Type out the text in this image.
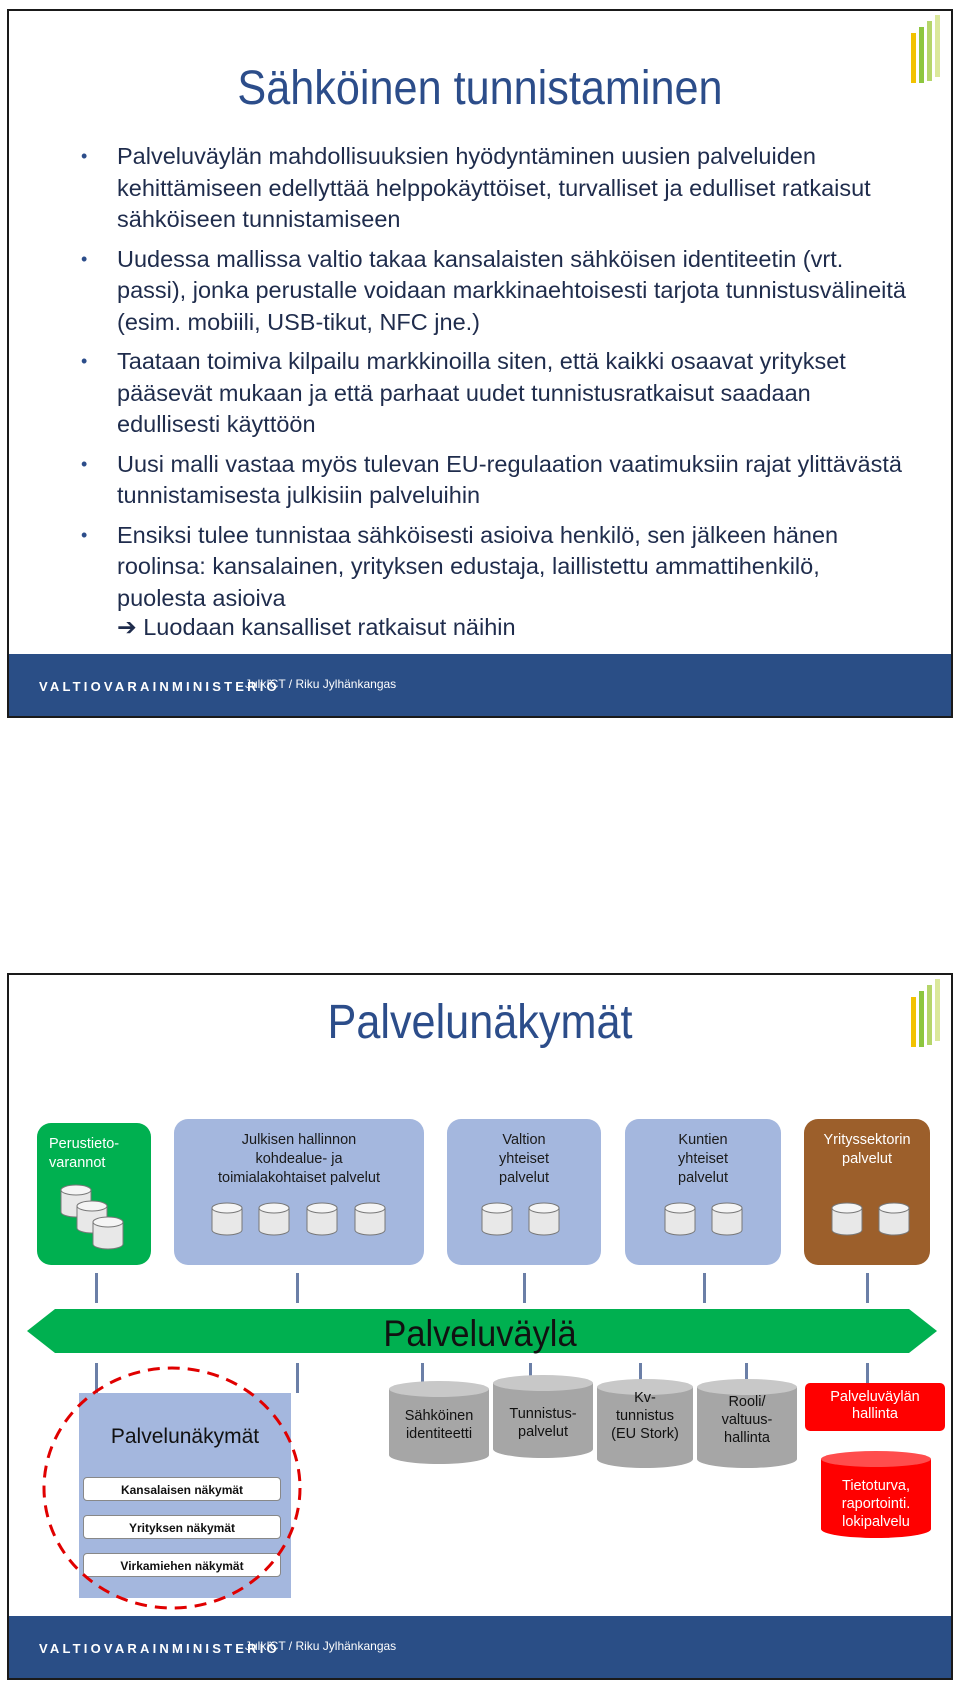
Sähköinen tunnistaminen
• Palveluväylän mahdollisuuksien hyödyntäminen uusien palveluiden kehittämiseen edellyttää helppokäyttöiset, turvalliset ja edulliset ratkaisut sähköiseen tunnistamiseen
• Uudessa mallissa valtio takaa kansalaisten sähköisen identiteetin (vrt. passi), jonka perustalle voidaan markkinaehtoisesti tarjota tunnistusvälineitä (esim. mobiili, USB-tikut, NFC jne.)
• Taataan toimiva kilpailu markkinoilla siten, että kaikki osaavat yritykset pääsevät mukaan ja että parhaat uudet tunnistusratkaisut saadaan edullisesti käyttöön
• Uusi malli vastaa myös tulevan EU-regulaation vaatimuksiin rajat ylittävästä tunnistamisesta julkisiin palveluihin
• Ensiksi tulee tunnistaa sähköisesti asioiva henkilö, sen jälkeen hänen roolinsa: kansalainen, yrityksen edustaja, laillistettu ammattihenkilö, puolesta asioiva
➔ Luodaan kansalliset ratkaisut näihin
VALTIOVARAINMINISTERIÖ
JulkICT / Riku Jylhänkangas
Palvelunäkymät
Perustieto-
varannot
Julkisen hallinnon
kohdealue- ja
toimialakohtaiset palvelut
Valtion
yhteiset
palvelut
Kuntien
yhteiset
palvelut
Yrityssektorin
palvelut
Palveluväylä
Palvelunäkymät
Kansalaisen näkymät
Yrityksen näkymät
Virkamiehen näkymät
Sähköinen
identiteetti
Tunnistus-
palvelut
Kv-
tunnistus
(EU Stork)
Rooli/
valtuus-
hallinta
Palveluväylän
hallinta
Tietoturva,
raportointi.
lokipalvelu
VALTIOVARAINMINISTERIÖ
JulkICT / Riku Jylhänkangas
